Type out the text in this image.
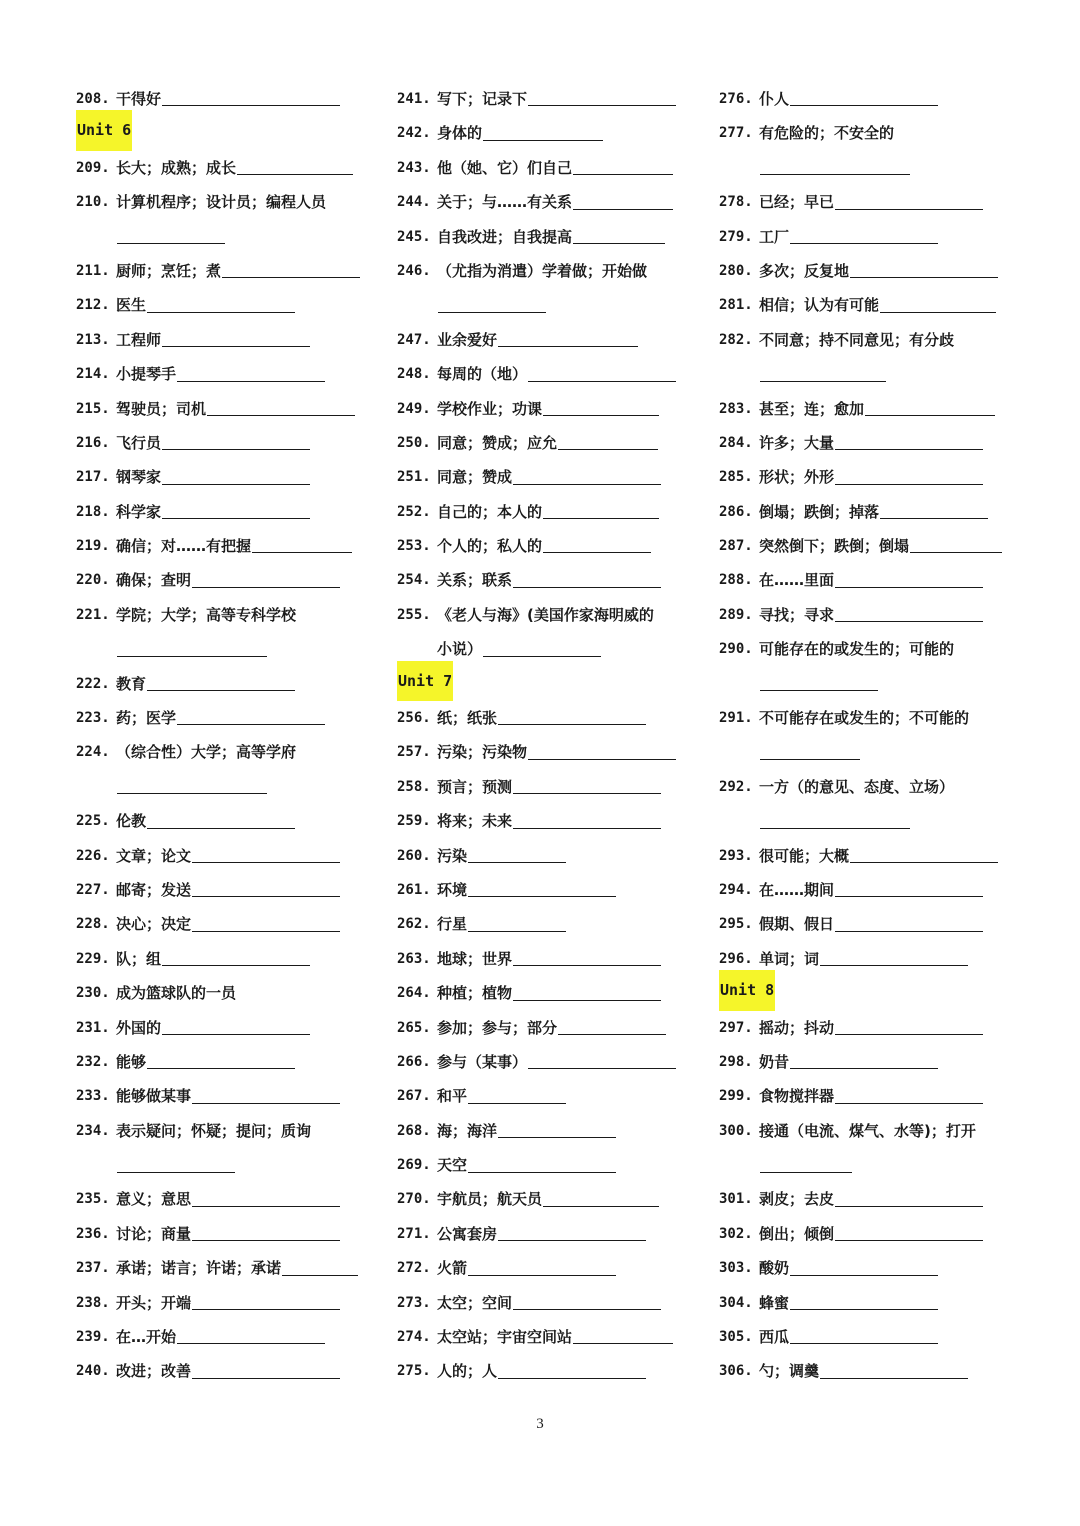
208. 干得好
Unit 6
209. 长大；成熟；成长
210. 计算机程序；设计员；编程人员
211. 厨师；烹饪；煮
212. 医生
213. 工程师
214. 小提琴手
215. 驾驶员；司机
216. 飞行员
217. 钢琴家
218. 科学家
219. 确信；对……有把握
220. 确保；查明
221. 学院；大学；高等专科学校
222. 教育
223. 药；医学
224. （综合性）大学；高等学府
225. 伦教
226. 文章；论文
227. 邮寄；发送
228. 决心；决定
229. 队；组
230. 成为篮球队的一员
231. 外国的
232. 能够
233. 能够做某事
234. 表示疑问；怀疑；提问；质询
235. 意义；意思
236. 讨论；商量
237. 承诺；诺言；许诺；承诺
238. 开头；开端
239. 在…开始
240. 改进；改善
241. 写下；记录下
242. 身体的
243. 他（她、它）们自己
244. 关于；与……有关系
245. 自我改进；自我提高
246. （尤指为消遣）学着做；开始做
247. 业余爱好
248. 每周的（地）
249. 学校作业；功课
250. 同意；赞成；应允
251. 同意；赞成
252. 自己的；本人的
253. 个人的；私人的
254. 关系；联系
255. 《老人与海》(美国作家海明威的
小说）
Unit 7
256. 纸；纸张
257. 污染；污染物
258. 预言；预测
259. 将来；未来
260. 污染
261. 环境
262. 行星
263. 地球；世界
264. 种植；植物
265. 参加；参与；部分
266. 参与（某事）
267. 和平
268. 海；海洋
269. 天空
270. 宇航员；航天员
271. 公寓套房
272. 火箭
273. 太空；空间
274. 太空站；宇宙空间站
275. 人的；人
276. 仆人
277. 有危险的；不安全的
278. 已经；早已
279. 工厂
280. 多次；反复地
281. 相信；认为有可能
282. 不同意；持不同意见；有分歧
283. 甚至；连；愈加
284. 许多；大量
285. 形状；外形
286. 倒塌；跌倒；掉落
287. 突然倒下；跌倒；倒塌
288. 在……里面
289. 寻找；寻求
290. 可能存在的或发生的；可能的
291. 不可能存在或发生的；不可能的
292. 一方（的意见、态度、立场）
293. 很可能；大概
294. 在……期间
295. 假期、假日
296. 单词；词
Unit 8
297. 摇动；抖动
298. 奶昔
299. 食物搅拌器
300. 接通（电流、煤气、水等)；打开
301. 剥皮；去皮
302. 倒出；倾倒
303. 酸奶
304. 蜂蜜
305. 西瓜
306. 勺；调羹
3
